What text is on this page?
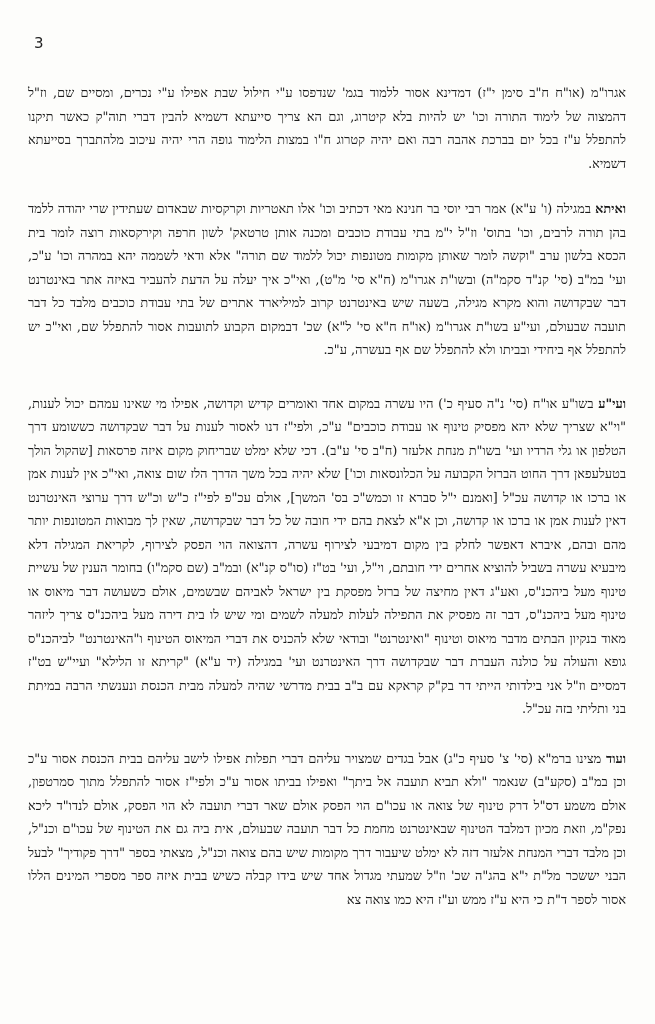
3

אגרו"מ (או"ח ח"ב סימן י"ז) דמדינא אסור ללמוד בגמ' שנדפסו ע"י חילול שבת אפילו ע"י נכרים, ומסיים שם, וז"ל דהמצוה של לימוד התורה וכו' יש להיות בלא קיטרוג, וגם הא צריך סייעתא דשמיא להבין דברי תוה"ק כאשר תיקנו להתפלל ע"ז בכל יום בברכת אהבה רבה ואם יהיה קטרוג ח"ו במצות הלימוד גופה הרי יהיה עיכוב מלהתברך בסייעתא דשמיא.

ואיתא במגילה (ו' ע"א) אמר רבי יוסי בר חנינא מאי דכתיב וכו' אלו תאטריות וקרקסיות שבאדום שעתידין שרי יהודה ללמד בהן תורה לרבים, וכו' בתוס' וז"ל י"מ בתי עבודת כוכבים ומכנה אותן טרטאק' לשון חרפה וקירקסאות רוצה לומר בית הכסא בלשון ערב "וקשה לומר שאותן מקומות מטונפות יכול ללמוד שם תורה" אלא ודאי לשממה יהא במהרה וכו' ע"כ, ועי' במ"ב (סי' קנ"ד סקמ"ה) ובשו"ת אגרו"מ (ח"א סי' מ"ט), ואי"כ איך יעלה על הדעת להעביר באיזה אתר באינטרנט דבר שבקדושה והוא מקרא מגילה, בשעה שיש באינטרנט קרוב למיליארד אתרים של בתי עבודת כוכבים מלבד כל דבר תועבה שבעולם, ועי"ע בשו"ת אגרו"מ (או"ח ח"א סי' ל"א) שכ' דבמקום הקבוע לתועבות אסור להתפלל שם, ואי"כ יש להתפלל אף ביחידי ובביתו ולא להתפלל שם אף בעשרה, ע"כ.

ועי"ע בשו"ע או"ח (סי' נ"ה סעיף כ') היו עשרה במקום אחד ואומרים קדיש וקדושה, אפילו מי שאינו עמהם יכול לענות, "וי"א שצריך שלא יהא מפסיק טינוף או עבודת כוכבים" ע"כ, ולפי"ז דנו לאסור לענות על דבר שבקדושה כששומע דרך הטלפון או גלי הרדיו ועי' בשו"ת מנחת אלעזר (ח"ב סי' ע"ב). דכי שלא ימלט שבריחוק מקום איזה פרסאות [שהקול הולך בטעלעפאן דרך החוט הברזל הקבועה על הכלונסאות וכו'] שלא יהיה בכל משך הדרך הלז שום צואה, ואי"כ אין לענות אמן או ברכו או קדושה עכ"ל [ואמנם י"ל סברא זו וכמש"כ בס' המשך], אולם עכ"פ לפי"ז כ"ש וכ"ש דרך ערוצי האינטרנט דאין לענות אמן או ברכו או קדושה, וכן א"א לצאת בהם ידי חובה של כל דבר שבקדושה, שאין לך מבואות המטונפות יותר מהם ובהם, איברא דאפשר לחלק בין מקום דמיבעי לצירוף עשרה, דהצואה הוי הפסק לצירוף, לקריאת המגילה דלא מיבעיא עשרה בשביל להוציא אחרים ידי חובתם, וי"ל, ועי' בט"ז (סו"ס קנ"א) ובמ"ב (שם סקמ"ו) בחומר הענין של עשיית טינוף מעל ביהכנ"ס, ואע"ג דאין מחיצה של ברזל מפסקת בין ישראל לאביהם שבשמים, אולם כשעושה דבר מיאוס או טינוף מעל ביהכנ"ס, דבר זה מפסיק את התפילה לעלות למעלה לשמים ומי שיש לו בית דירה מעל ביהכנ"ס צריך ליזהר מאוד בנקיון הבתים מדבר מיאוס וטינוף "ואינטרנט" ובודאי שלא להכניס את דברי המיאוס הטינוף ו"האינטרנט" לביהכנ"ס גופא והעולה על כולנה העברת דבר שבקדושה דרך האינטרנט ועי' במגילה (יד ע"א) "קריתא זו הלילא" ועיי"ש בט"ז דמסיים וז"ל אני בילדותי הייתי דר בק"ק קראקא עם ב"ב בבית מדרשי שהיה למעלה מבית הכנסת ונענשתי הרבה במיתת בני ותליתי בזה עכ"ל.

ועוד מצינו ברמ"א (סי' צ' סעיף כ"ג) אבל בגדים שמצויר עליהם דברי תפלות אפילו לישב עליהם בבית הכנסת אסור ע"כ וכן במ"ב (סקע"ב) שנאמר "ולא תביא תועבה אל ביתך" ואפילו בביתו אסור ע"כ ולפי"ז אסור להתפלל מתוך סמרטפון, אולם משמע דס"ל דרק טינוף של צואה או עכו"ם הוי הפסק אולם שאר דברי תועבה לא הוי הפסק, אולם לנדו"ד ליכא נפק"מ, וזאת מכיון דמלבד הטינוף שבאינטרנט מחמת כל דבר תועבה שבעולם, אית ביה גם את הטינוף של עכו"ם וכנ"ל, וכן מלבד דברי המנחת אלעזר דזה לא ימלט שיעבור דרך מקומות שיש בהם צואה וכנ"ל, מצאתי בספר "דרך פקודיך" לבעל הבני יששכר מל"ת י"א בהג"ה שכ' וז"ל שמעתי מגדול אחד שיש בידו קבלה כשיש בבית איזה ספר מספרי המינים הללו אסור לספר ד"ת כי היא ע"ז ממש וע"ז היא כמו צואה צא
